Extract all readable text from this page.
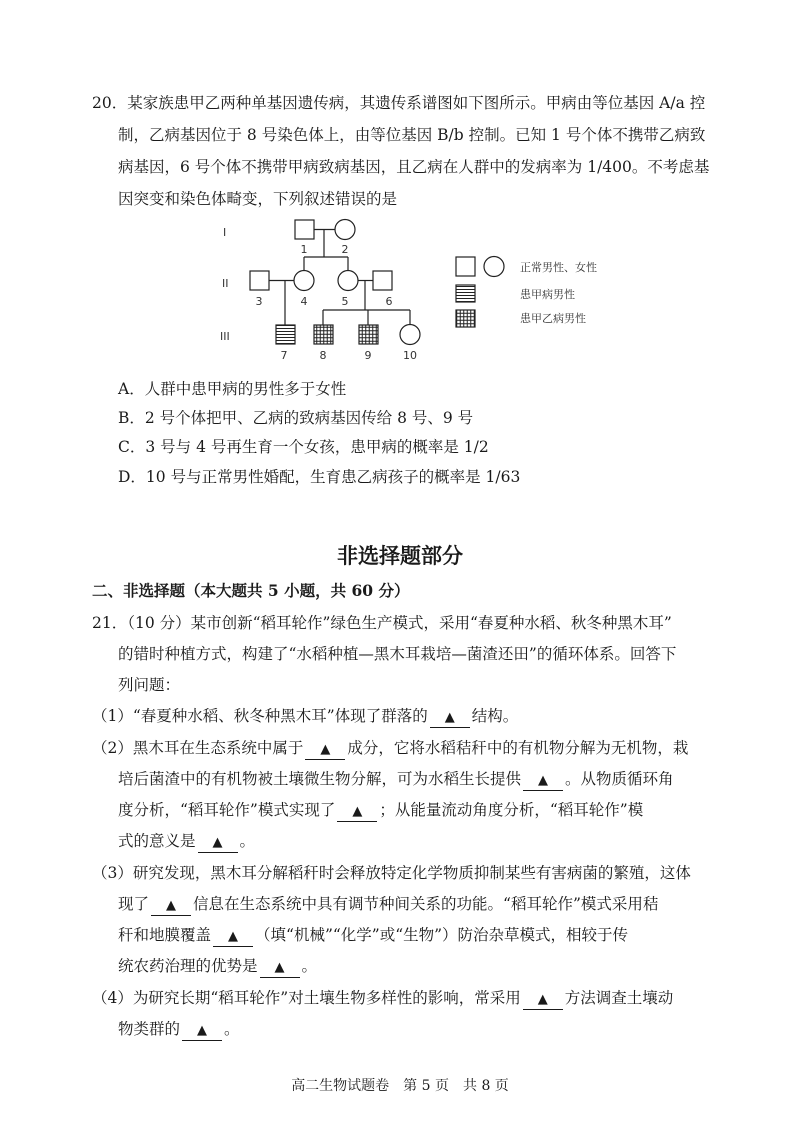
20．某家族患甲乙两种单基因遗传病，其遗传系谱图如下图所示。甲病由等位基因 A/a 控
制，乙病基因位于 8 号染色体上，由等位基因 B/b 控制。已知 1 号个体不携带乙病致
病基因，6 号个体不携带甲病致病基因，且乙病在人群中的发病率为 1/400。不考虑基
因突变和染色体畸变，下列叙述错误的是
I
II
III
1	2
3	4	5	6
7	8	9	10
正常男性、女性
患甲病男性
患甲乙病男性
A．人群中患甲病的男性多于女性
B．2 号个体把甲、乙病的致病基因传给 8 号、9 号
C．3 号与 4 号再生育一个女孩，患甲病的概率是 1/2
D．10 号与正常男性婚配，生育患乙病孩子的概率是 1/63
非选择题部分
二、非选择题（本大题共 5 小题，共 60 分）
21．（10 分）某市创新“稻耳轮作”绿色生产模式，采用“春夏种水稻、秋冬种黑木耳”
的错时种植方式，构建了“水稻种植—黑木耳栽培—菌渣还田”的循环体系。回答下
列问题：
（1）“春夏种水稻、秋冬种黑木耳”体现了群落的 ▲ 结构。
（2）黑木耳在生态系统中属于 ▲ 成分，它将水稻秸秆中的有机物分解为无机物，栽
培后菌渣中的有机物被土壤微生物分解，可为水稻生长提供 ▲ 。从物质循环角
度分析，“稻耳轮作”模式实现了 ▲ ；从能量流动角度分析，“稻耳轮作”模
式的意义是 ▲ 。
（3）研究发现，黑木耳分解稻秆时会释放特定化学物质抑制某些有害病菌的繁殖，这体
现了 ▲ 信息在生态系统中具有调节种间关系的功能。“稻耳轮作”模式采用秸
秆和地膜覆盖 ▲ （填“机械”“化学”或“生物”）防治杂草模式，相较于传
统农药治理的优势是 ▲ 。
（4）为研究长期“稻耳轮作”对土壤生物多样性的影响，常采用 ▲ 方法调查土壤动
物类群的 ▲ 。
高二生物试题卷　第 5 页　共 8 页
